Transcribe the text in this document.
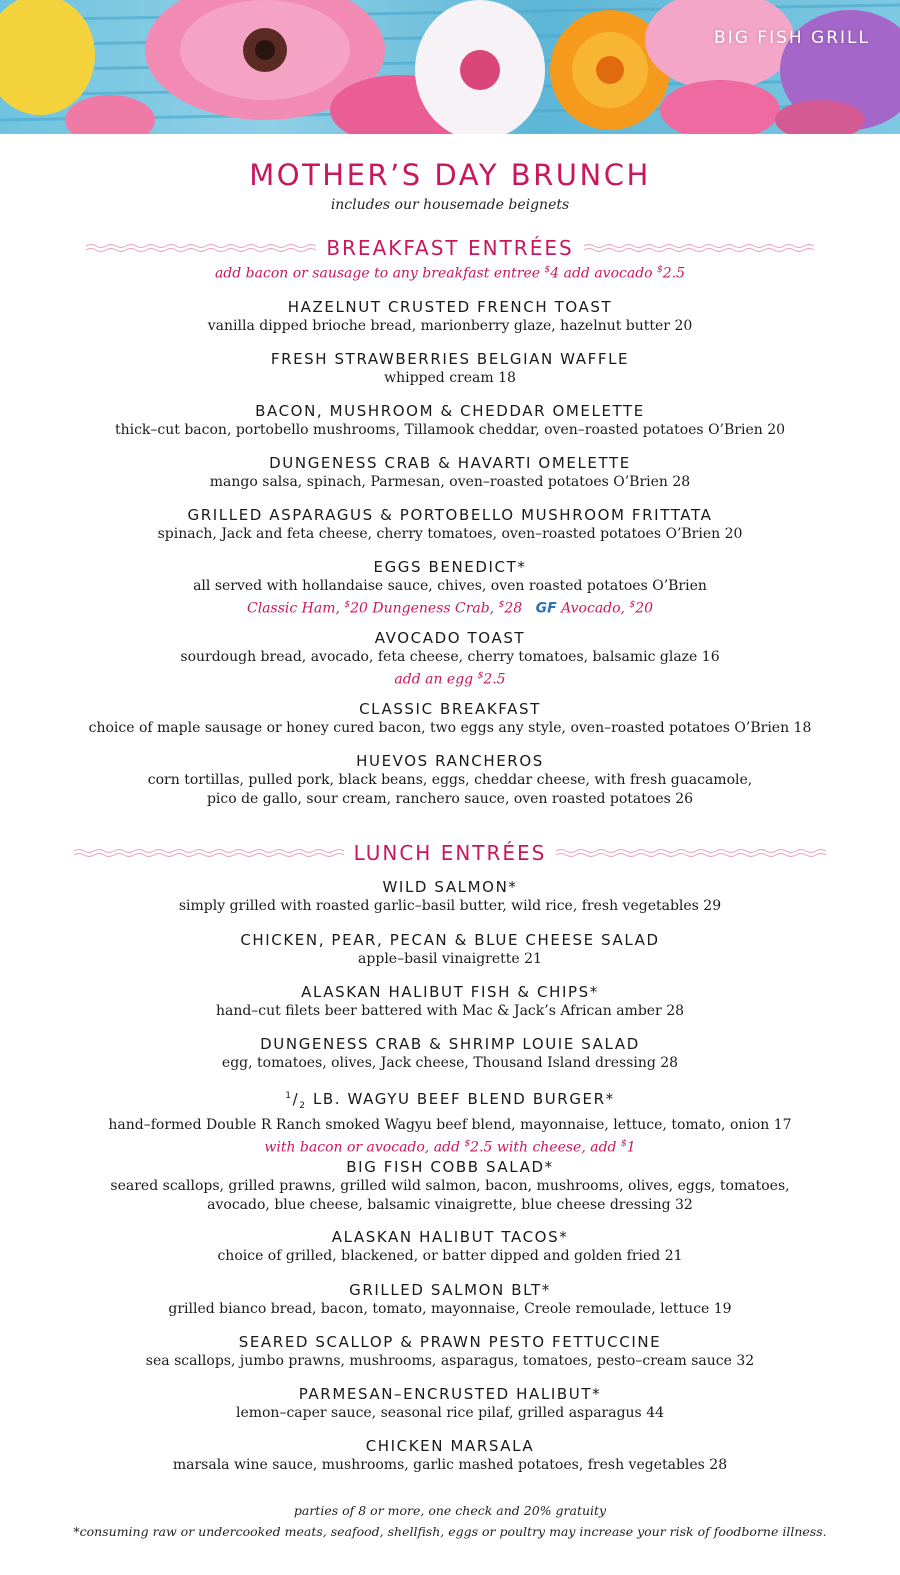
BIG FISH GRILL
MOTHER’S DAY BRUNCH
includes our housemade beignets
BREAKFAST ENTRÉES
add bacon or sausage to any breakfast entree $4 add avocado $2.5
HAZELNUT CRUSTED FRENCH TOAST
vanilla dipped brioche bread, marionberry glaze, hazelnut butter 20
FRESH STRAWBERRIES BELGIAN WAFFLE
whipped cream 18
BACON, MUSHROOM & CHEDDAR OMELETTE
thick–cut bacon, portobello mushrooms, Tillamook cheddar, oven–roasted potatoes O’Brien 20
DUNGENESS CRAB & HAVARTI OMELETTE
mango salsa, spinach, Parmesan, oven–roasted potatoes O’Brien 28
GRILLED ASPARAGUS & PORTOBELLO MUSHROOM FRITTATA
spinach, Jack and feta cheese, cherry tomatoes, oven–roasted potatoes O’Brien 20
EGGS BENEDICT*
all served with hollandaise sauce, chives, oven roasted potatoes O’Brien
Classic Ham, $20 Dungeness Crab, $28 GF Avocado, $20
AVOCADO TOAST
sourdough bread, avocado, feta cheese, cherry tomatoes, balsamic glaze 16
add an egg $2.5
CLASSIC BREAKFAST
choice of maple sausage or honey cured bacon, two eggs any style, oven–roasted potatoes O’Brien 18
HUEVOS RANCHEROS
corn tortillas, pulled pork, black beans, eggs, cheddar cheese, with fresh guacamole,
pico de gallo, sour cream, ranchero sauce, oven roasted potatoes 26
LUNCH ENTRÉES
WILD SALMON*
simply grilled with roasted garlic–basil butter, wild rice, fresh vegetables 29
CHICKEN, PEAR, PECAN & BLUE CHEESE SALAD
apple–basil vinaigrette 21
ALASKAN HALIBUT FISH & CHIPS*
hand–cut filets beer battered with Mac & Jack’s African amber 28
DUNGENESS CRAB & SHRIMP LOUIE SALAD
egg, tomatoes, olives, Jack cheese, Thousand Island dressing 28
$^1/_2$ LB. WAGYU BEEF BLEND BURGER*
hand–formed Double R Ranch smoked Wagyu beef blend, mayonnaise, lettuce, tomato, onion 17
with bacon or avocado, add $2.5 with cheese, add $1
BIG FISH COBB SALAD*
seared scallops, grilled prawns, grilled wild salmon, bacon, mushrooms, olives, eggs, tomatoes,
avocado, blue cheese, balsamic vinaigrette, blue cheese dressing 32
ALASKAN HALIBUT TACOS*
choice of grilled, blackened, or batter dipped and golden fried 21
GRILLED SALMON BLT*
grilled bianco bread, bacon, tomato, mayonnaise, Creole remoulade, lettuce 19
SEARED SCALLOP & PRAWN PESTO FETTUCCINE
sea scallops, jumbo prawns, mushrooms, asparagus, tomatoes, pesto–cream sauce 32
PARMESAN–ENCRUSTED HALIBUT*
lemon–caper sauce, seasonal rice pilaf, grilled asparagus 44
CHICKEN MARSALA
marsala wine sauce, mushrooms, garlic mashed potatoes, fresh vegetables 28
parties of 8 or more, one check and 20% gratuity
*consuming raw or undercooked meats, seafood, shellfish, eggs or poultry may increase your risk of foodborne illness.
